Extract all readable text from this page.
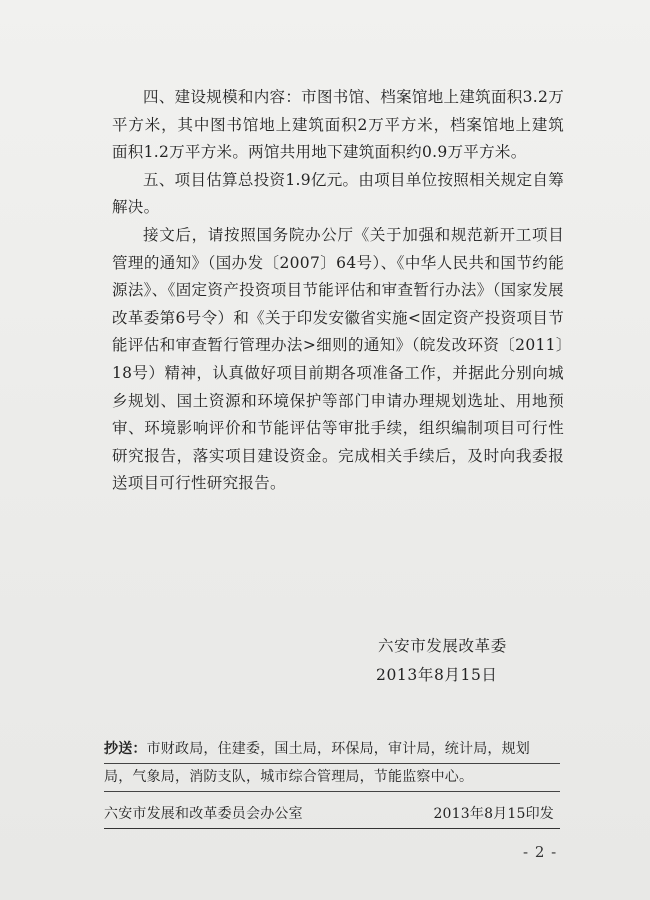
四、建设规模和内容：市图书馆、档案馆地上建筑面积3.2万平方米，其中图书馆地上建筑面积2万平方米，档案馆地上建筑面积1.2万平方米。两馆共用地下建筑面积约0.9万平方米。

五、项目估算总投资1.9亿元。由项目单位按照相关规定自筹解决。

接文后，请按照国务院办公厅《关于加强和规范新开工项目管理的通知》（国办发〔2007〕64号）、《中华人民共和国节约能源法》、《固定资产投资项目节能评估和审查暂行办法》（国家发展改革委第6号令）和《关于印发安徽省实施<固定资产投资项目节能评估和审查暂行管理办法>细则的通知》（皖发改环资〔2011〕18号）精神，认真做好项目前期各项准备工作，并据此分别向城乡规划、国土资源和环境保护等部门申请办理规划选址、用地预审、环境影响评价和节能评估等审批手续，组织编制项目可行性研究报告，落实项目建设资金。完成相关手续后，及时向我委报送项目可行性研究报告。

六安市发展改革委

2013年8月15日

抄送：市财政局，住建委，国土局，环保局，审计局，统计局，规划
局，气象局，消防支队，城市综合管理局，节能监察中心。
六安市发展和改革委员会办公室	2013年8月15印发
- 2 -
